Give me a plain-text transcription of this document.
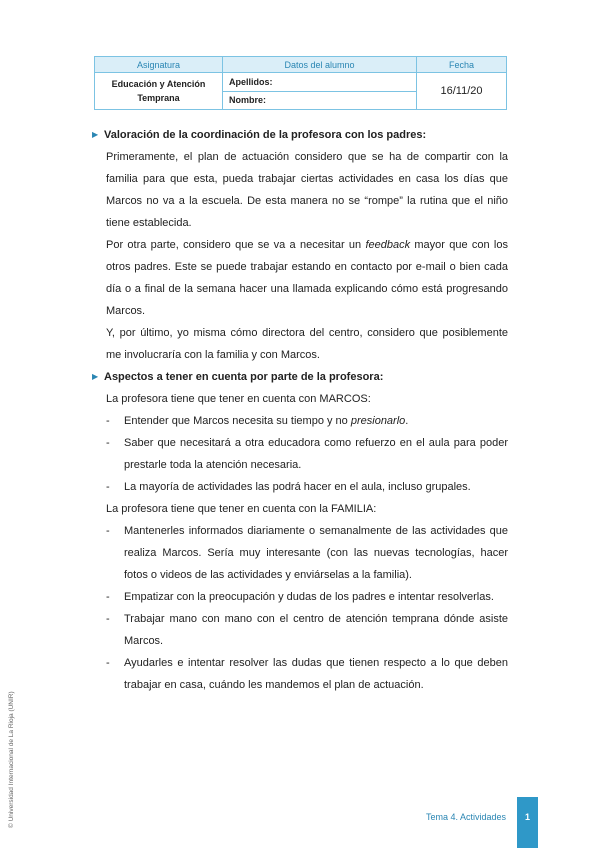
Asignatura	Datos del alumno	Fecha

Educación y Atención
Temprana	Apellidos:	16/11/20
	Nombre:	
▶ Valoración de la coordinación de la profesora con los padres:
Primeramente, el plan de actuación considero que se ha de compartir con la familia para que esta, pueda trabajar ciertas actividades en casa los días que Marcos no va a la escuela. De esta manera no se “rompe” la rutina que el niño tiene establecida.
Por otra parte, considero que se va a necesitar un feedback mayor que con los otros padres. Este se puede trabajar estando en contacto por e-mail o bien cada día o a final de la semana hacer una llamada explicando cómo está progresando Marcos.
Y, por último, yo misma cómo directora del centro, considero que posiblemente me involucraría con la familia y con Marcos.
▶ Aspectos a tener en cuenta por parte de la profesora:
La profesora tiene que tener en cuenta con MARCOS:
- Entender que Marcos necesita su tiempo y no presionarlo.
- Saber que necesitará a otra educadora como refuerzo en el aula para poder prestarle toda la atención necesaria.
- La mayoría de actividades las podrá hacer en el aula, incluso grupales.
La profesora tiene que tener en cuenta con la FAMILIA:
- Mantenerles informados diariamente o semanalmente de las actividades que realiza Marcos. Sería muy interesante (con las nuevas tecnologías, hacer fotos o videos de las actividades y enviárselas a la familia).
- Empatizar con la preocupación y dudas de los padres e intentar resolverlas.
- Trabajar mano con mano con el centro de atención temprana dónde asiste Marcos.
- Ayudarles e intentar resolver las dudas que tienen respecto a lo que deben trabajar en casa, cuándo les mandemos el plan de actuación.
© Universidad Internacional de La Rioja (UNIR)	Tema 4. Actividades	1
